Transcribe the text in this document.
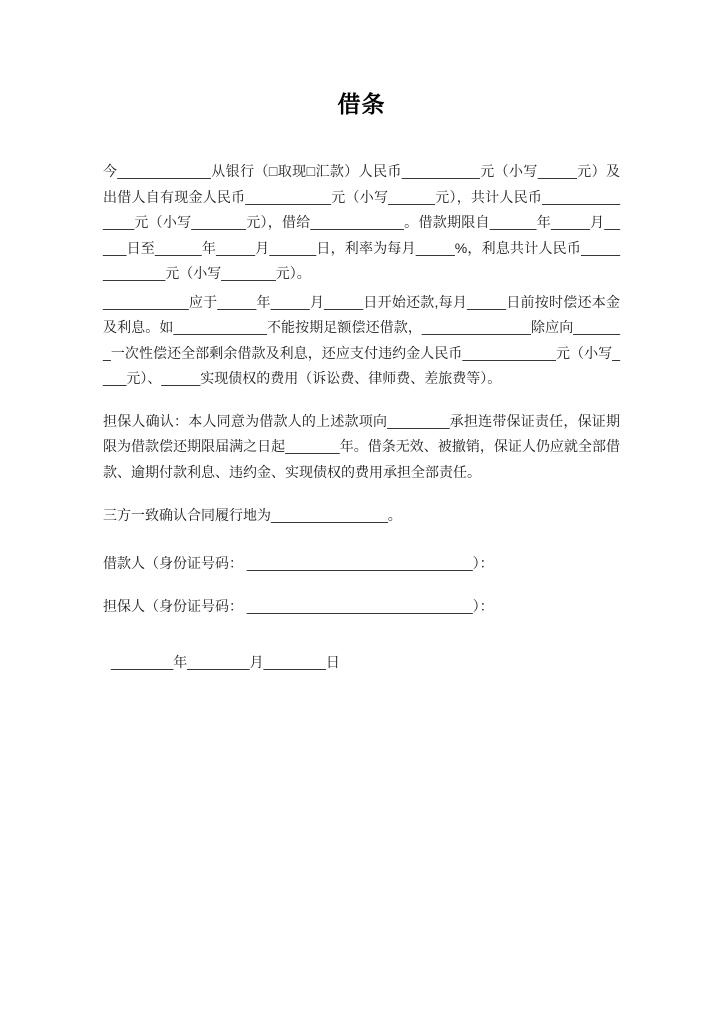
借条

今____________从银行（□取现□汇款）人民币__________元（小写_____元）及出借人自有现金人民币___________元（小写______元），共计人民币______________元（小写_______元），借给____________。借款期限自______年_____月_____日至______年_____月______日，利率为每月_____%，利息共计人民币_____________元（小写_______元）。

___________应于_____年_____月_____日开始还款,每月_____日前按时偿还本金及利息。如____________不能按期足额偿还借款，______________除应向_______一次性偿还全部剩余借款及利息，还应支付违约金人民币____________元（小写____元）、_____实现债权的费用（诉讼费、律师费、差旅费等）。

担保人确认：本人同意为借款人的上述款项向________承担连带保证责任，保证期限为借款偿还期限届满之日起_______年。借条无效、被撤销，保证人仍应就全部借款、逾期付款利息、违约金、实现债权的费用承担全部责任。

三方一致确认合同履行地为_______________。

借款人（身份证号码： _____________________________）：

担保人（身份证号码： _____________________________）：

________年________月________日
